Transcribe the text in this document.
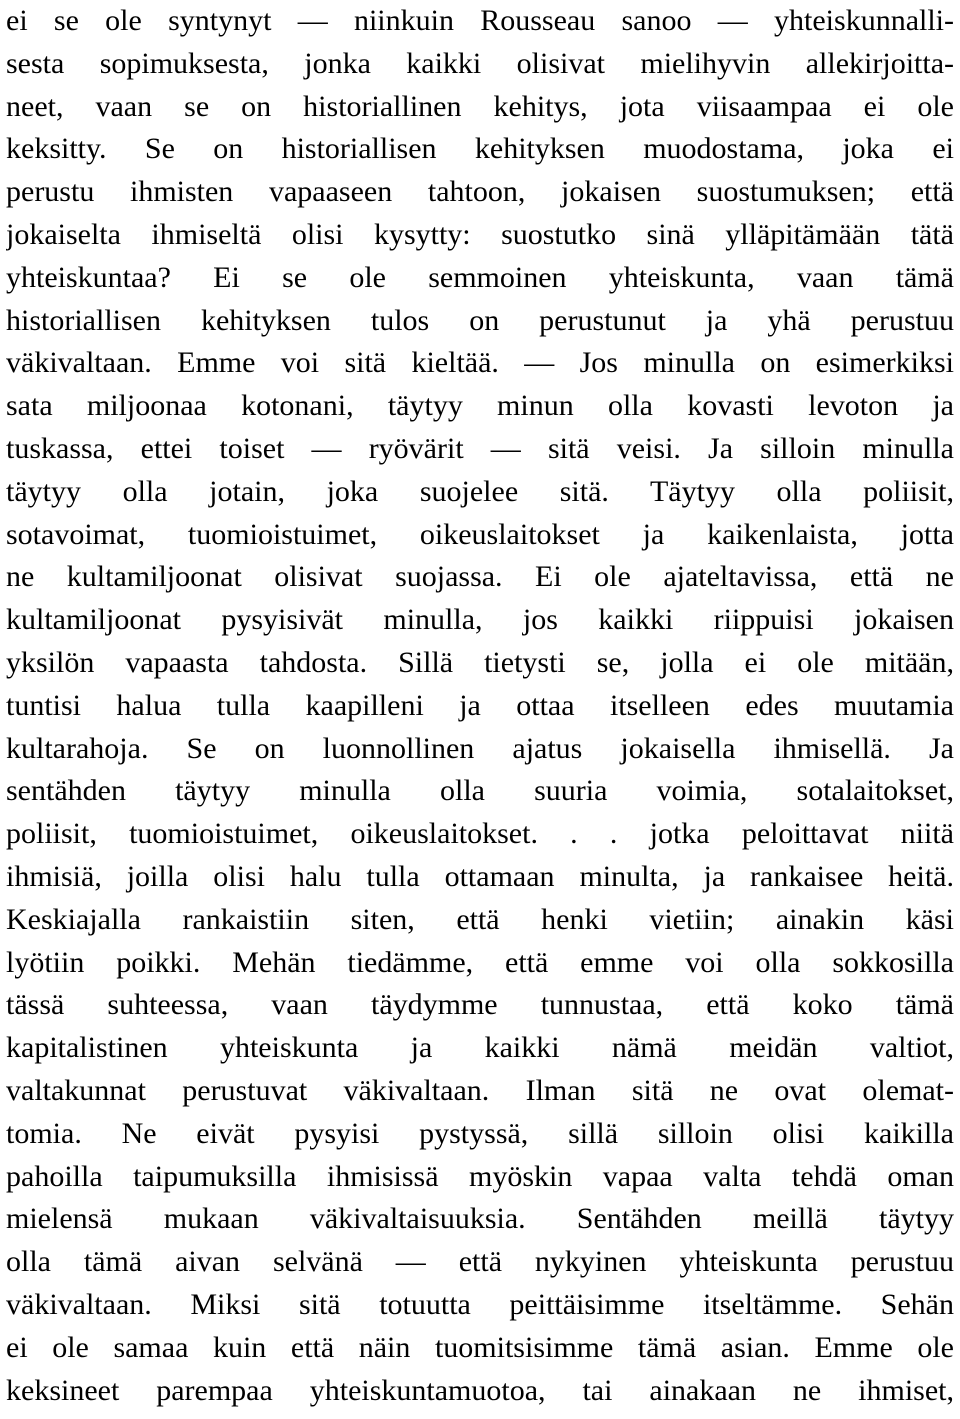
ei se ole syntynyt — niinkuin Rousseau sanoo — yhteiskunnalli-
sesta sopimuksesta, jonka kaikki olisivat mielihyvin allekirjoitta-
neet, vaan se on historiallinen kehitys, jota viisaampaa ei ole
keksitty. Se on historiallisen kehityksen muodostama, joka ei
perustu ihmisten vapaaseen tahtoon, jokaisen suostumuksen; että
jokaiselta ihmiseltä olisi kysytty: suostutko sinä ylläpitämään tätä
yhteiskuntaa? Ei se ole semmoinen yhteiskunta, vaan tämä
historiallisen kehityksen tulos on perustunut ja yhä perustuu
väkivaltaan. Emme voi sitä kieltää. — Jos minulla on esimerkiksi
sata miljoonaa kotonani, täytyy minun olla kovasti levoton ja
tuskassa, ettei toiset — ryövärit — sitä veisi. Ja silloin minulla
täytyy olla jotain, joka suojelee sitä. Täytyy olla poliisit,
sotavoimat, tuomioistuimet, oikeuslaitokset ja kaikenlaista, jotta
ne kultamiljoonat olisivat suojassa. Ei ole ajateltavissa, että ne
kultamiljoonat pysyisivät minulla, jos kaikki riippuisi jokaisen
yksilön vapaasta tahdosta. Sillä tietysti se, jolla ei ole mitään,
tuntisi halua tulla kaapilleni ja ottaa itselleen edes muutamia
kultarahoja. Se on luonnollinen ajatus jokaisella ihmisellä. Ja
sentähden täytyy minulla olla suuria voimia, sotalaitokset,
poliisit, tuomioistuimet, oikeuslaitokset. . . jotka peloittavat niitä
ihmisiä, joilla olisi halu tulla ottamaan minulta, ja rankaisee heitä.
Keskiajalla rankaistiin siten, että henki vietiin; ainakin käsi
lyötiin poikki. Mehän tiedämme, että emme voi olla sokkosilla
tässä suhteessa, vaan täydymme tunnustaa, että koko tämä
kapitalistinen yhteiskunta ja kaikki nämä meidän valtiot,
valtakunnat perustuvat väkivaltaan. Ilman sitä ne ovat olemat-
tomia. Ne eivät pysyisi pystyssä, sillä silloin olisi kaikilla
pahoilla taipumuksilla ihmisissä myöskin vapaa valta tehdä oman
mielensä mukaan väkivaltaisuuksia. Sentähden meillä täytyy
olla tämä aivan selvänä — että nykyinen yhteiskunta perustuu
väkivaltaan. Miksi sitä totuutta peittäisimme itseltämme. Sehän
ei ole samaa kuin että näin tuomitsisimme tämä asian. Emme ole
keksineet parempaa yhteiskuntamuotoa, tai ainakaan ne ihmiset,
